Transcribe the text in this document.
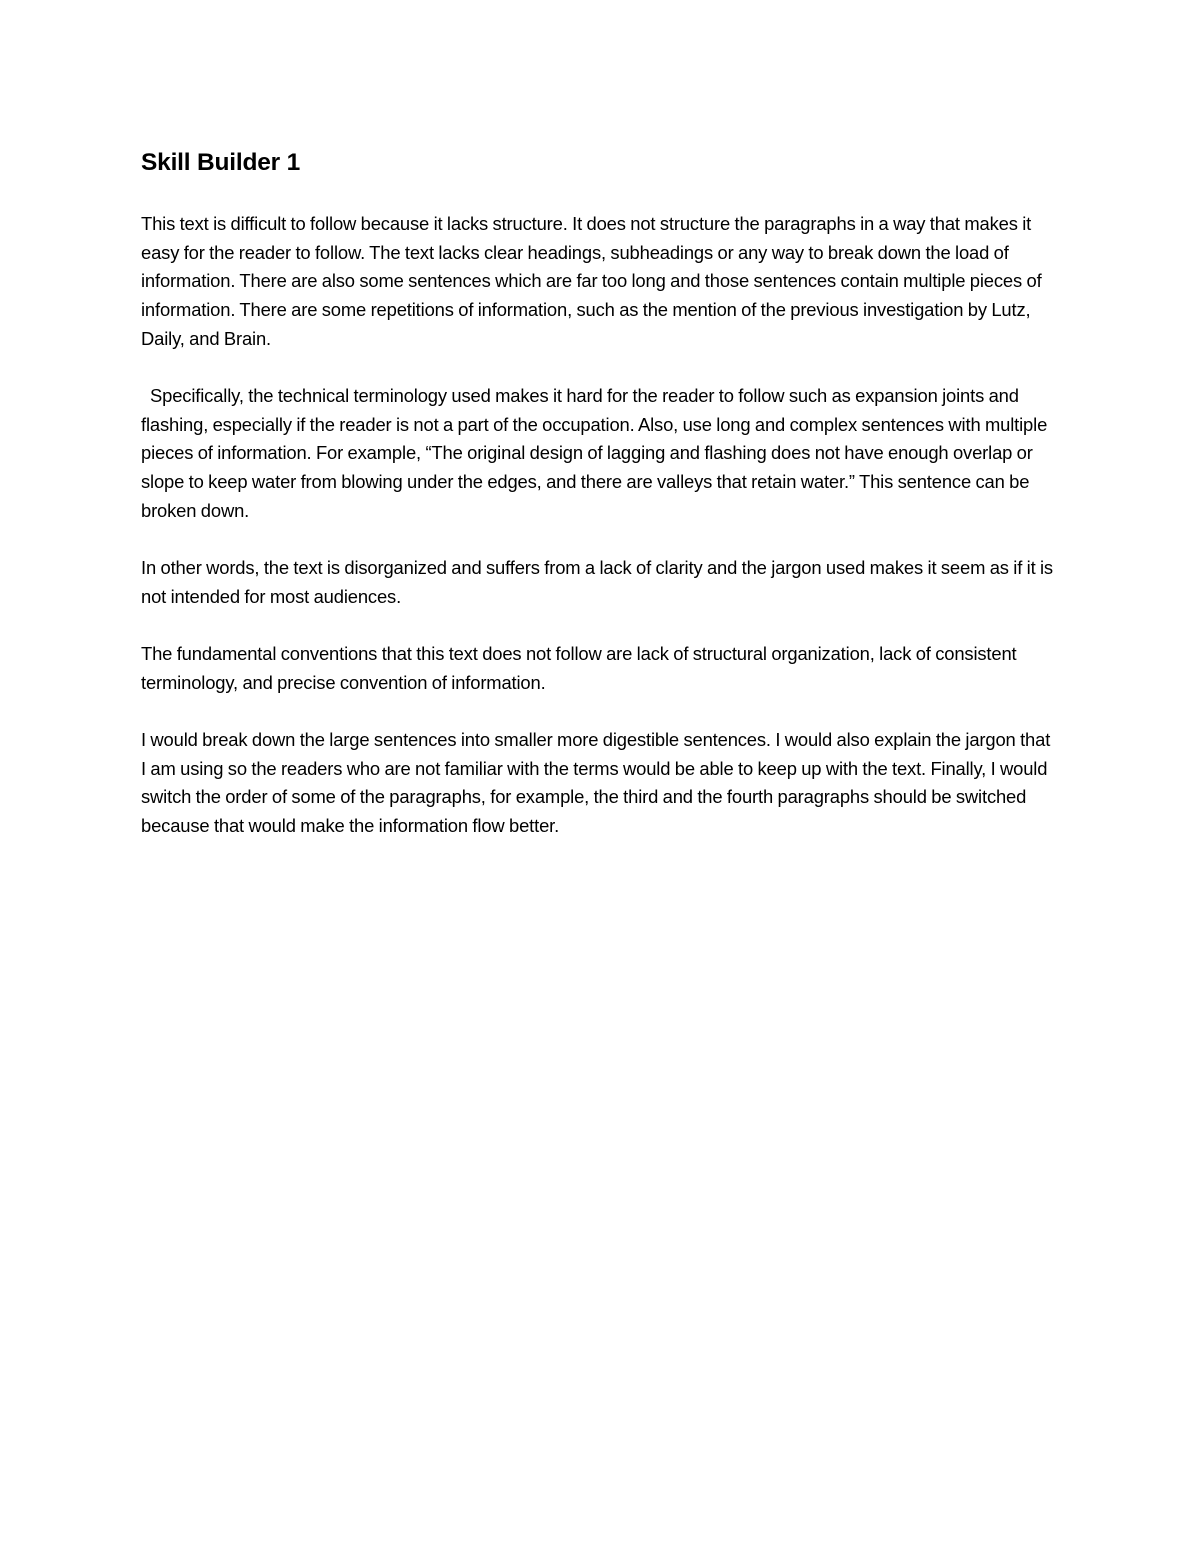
Skill Builder 1

This text is difficult to follow because it lacks structure. It does not structure the paragraphs in a way that makes it easy for the reader to follow. The text lacks clear headings, subheadings or any way to break down the load of information. There are also some sentences which are far too long and those sentences contain multiple pieces of information. There are some repetitions of information, such as the mention of the previous investigation by Lutz, Daily, and Brain.

Specifically, the technical terminology used makes it hard for the reader to follow such as expansion joints and flashing, especially if the reader is not a part of the occupation. Also, use long and complex sentences with multiple pieces of information. For example, “The original design of lagging and flashing does not have enough overlap or slope to keep water from blowing under the edges, and there are valleys that retain water.” This sentence can be broken down.

In other words, the text is disorganized and suffers from a lack of clarity and the jargon used makes it seem as if it is not intended for most audiences.

The fundamental conventions that this text does not follow are lack of structural organization, lack of consistent terminology, and precise convention of information.

I would break down the large sentences into smaller more digestible sentences. I would also explain the jargon that I am using so the readers who are not familiar with the terms would be able to keep up with the text. Finally, I would switch the order of some of the paragraphs, for example, the third and the fourth paragraphs should be switched because that would make the information flow better.
